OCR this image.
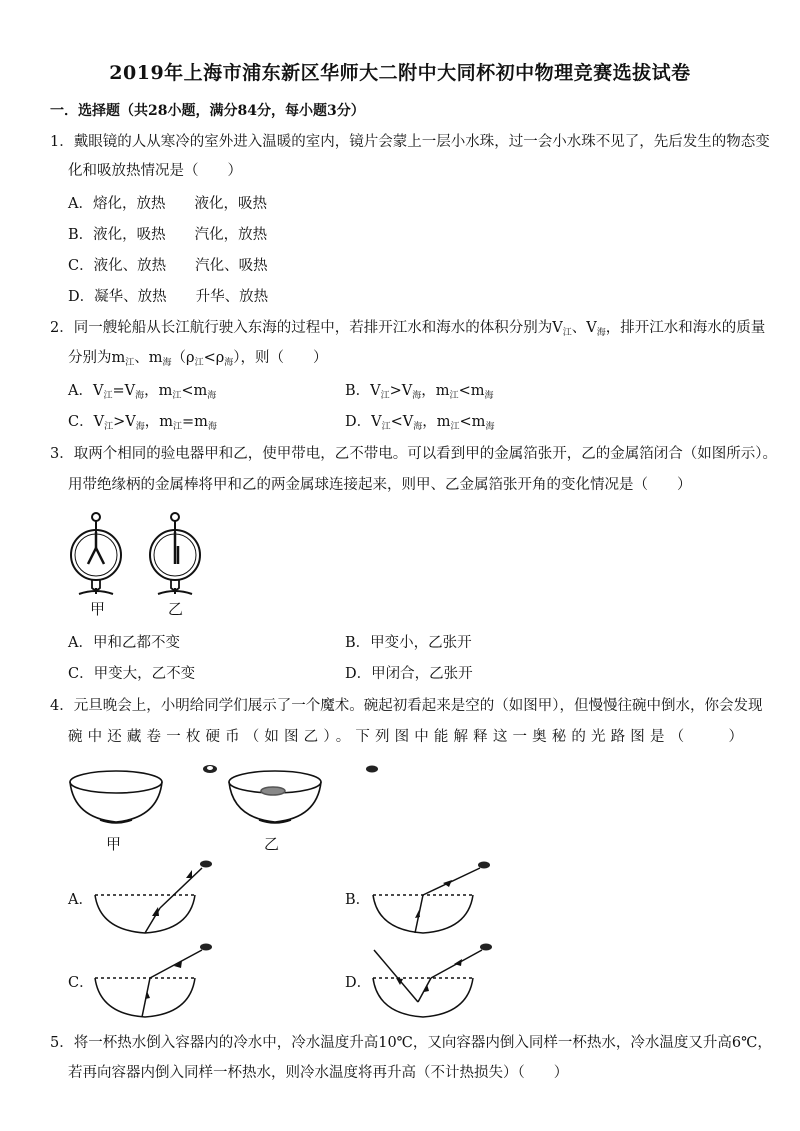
2019年上海市浦东新区华师大二附中大同杯初中物理竞赛选拔试卷
一．选择题（共28小题，满分84分，每小题3分）
1．戴眼镜的人从寒冷的室外进入温暖的室内，镜片会蒙上一层小水珠，过一会小水珠不见了，先后发生的物态变
化和吸放热情况是（　　）
A．熔化，放热　　液化，吸热
B．液化，吸热　　汽化，放热
C．液化、放热　　汽化、吸热
D．凝华、放热　　升华、放热
2．同一艘轮船从长江航行驶入东海的过程中，若排开江水和海水的体积分别为$V_江$、$V_海$，排开江水和海水的质量
分别为$m_江$、$m_海(\rho_江<\rho_海)$，则（　　）
A．$V_江=V_海$，$m_江<m_海$	B．$V_江>V_海$，$m_江<m_海$
C．$V_江>V_海$，$m_江=m_海$	D．$V_江<V_海$，$m_江<m_海$
3．取两个相同的验电器甲和乙，使甲带电，乙不带电。可以看到甲的金属箔张开，乙的金属箔闭合（如图所示）。
用带绝缘柄的金属棒将甲和乙的两金属球连接起来，则甲、乙金属箔张开角的变化情况是（　　）
甲	乙
A．甲和乙都不变	B．甲变小，乙张开
C．甲变大，乙不变	D．甲闭合，乙张开
4．元旦晚会上，小明给同学们展示了一个魔术。碗起初看起来是空的（如图甲），但慢慢往碗中倒水，你会发现
碗中还藏卷一枚硬币（如图乙）。下列图中能解释这一奥秘的光路图是（　　）
甲	乙
A．	B．
C．	D．
5．将一杯热水倒入容器内的冷水中，冷水温度升高10℃，又向容器内倒入同样一杯热水，冷水温度又升高6℃，
若再向容器内倒入同样一杯热水，则冷水温度将再升高（不计热损失）（　　）
